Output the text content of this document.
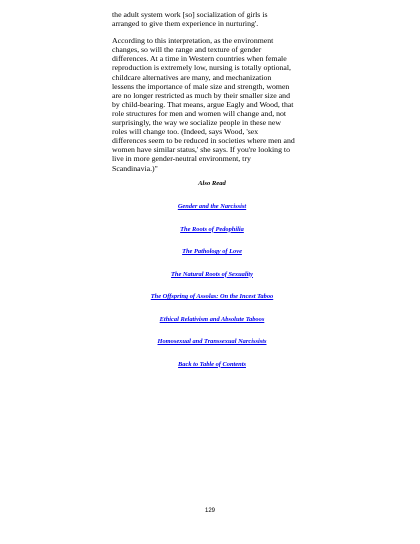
the adult system work [so] socialization of girls is
arranged to give them experience in nurturing'.

According to this interpretation, as the environment
changes, so will the range and texture of gender
differences. At a time in Western countries when female
reproduction is extremely low, nursing is totally optional,
childcare alternatives are many, and mechanization
lessens the importance of male size and strength, women
are no longer restricted as much by their smaller size and
by child-bearing. That means, argue Eagly and Wood, that
role structures for men and women will change and, not
surprisingly, the way we socialize people in these new
roles will change too. (Indeed, says Wood, 'sex
differences seem to be reduced in societies where men and
women have similar status,' she says. If you're looking to
live in more gender-neutral environment, try
Scandinavia.)"

Also Read
Gender and the Narcissist
The Roots of Pedophilia
The Pathology of Love
The Natural Roots of Sexuality
The Offspring of Assolas: On the Incest Taboo
Ethical Relativism and Absolute Taboos
Homosexual and Transsexual Narcissists
Back to Table of Contents
129
